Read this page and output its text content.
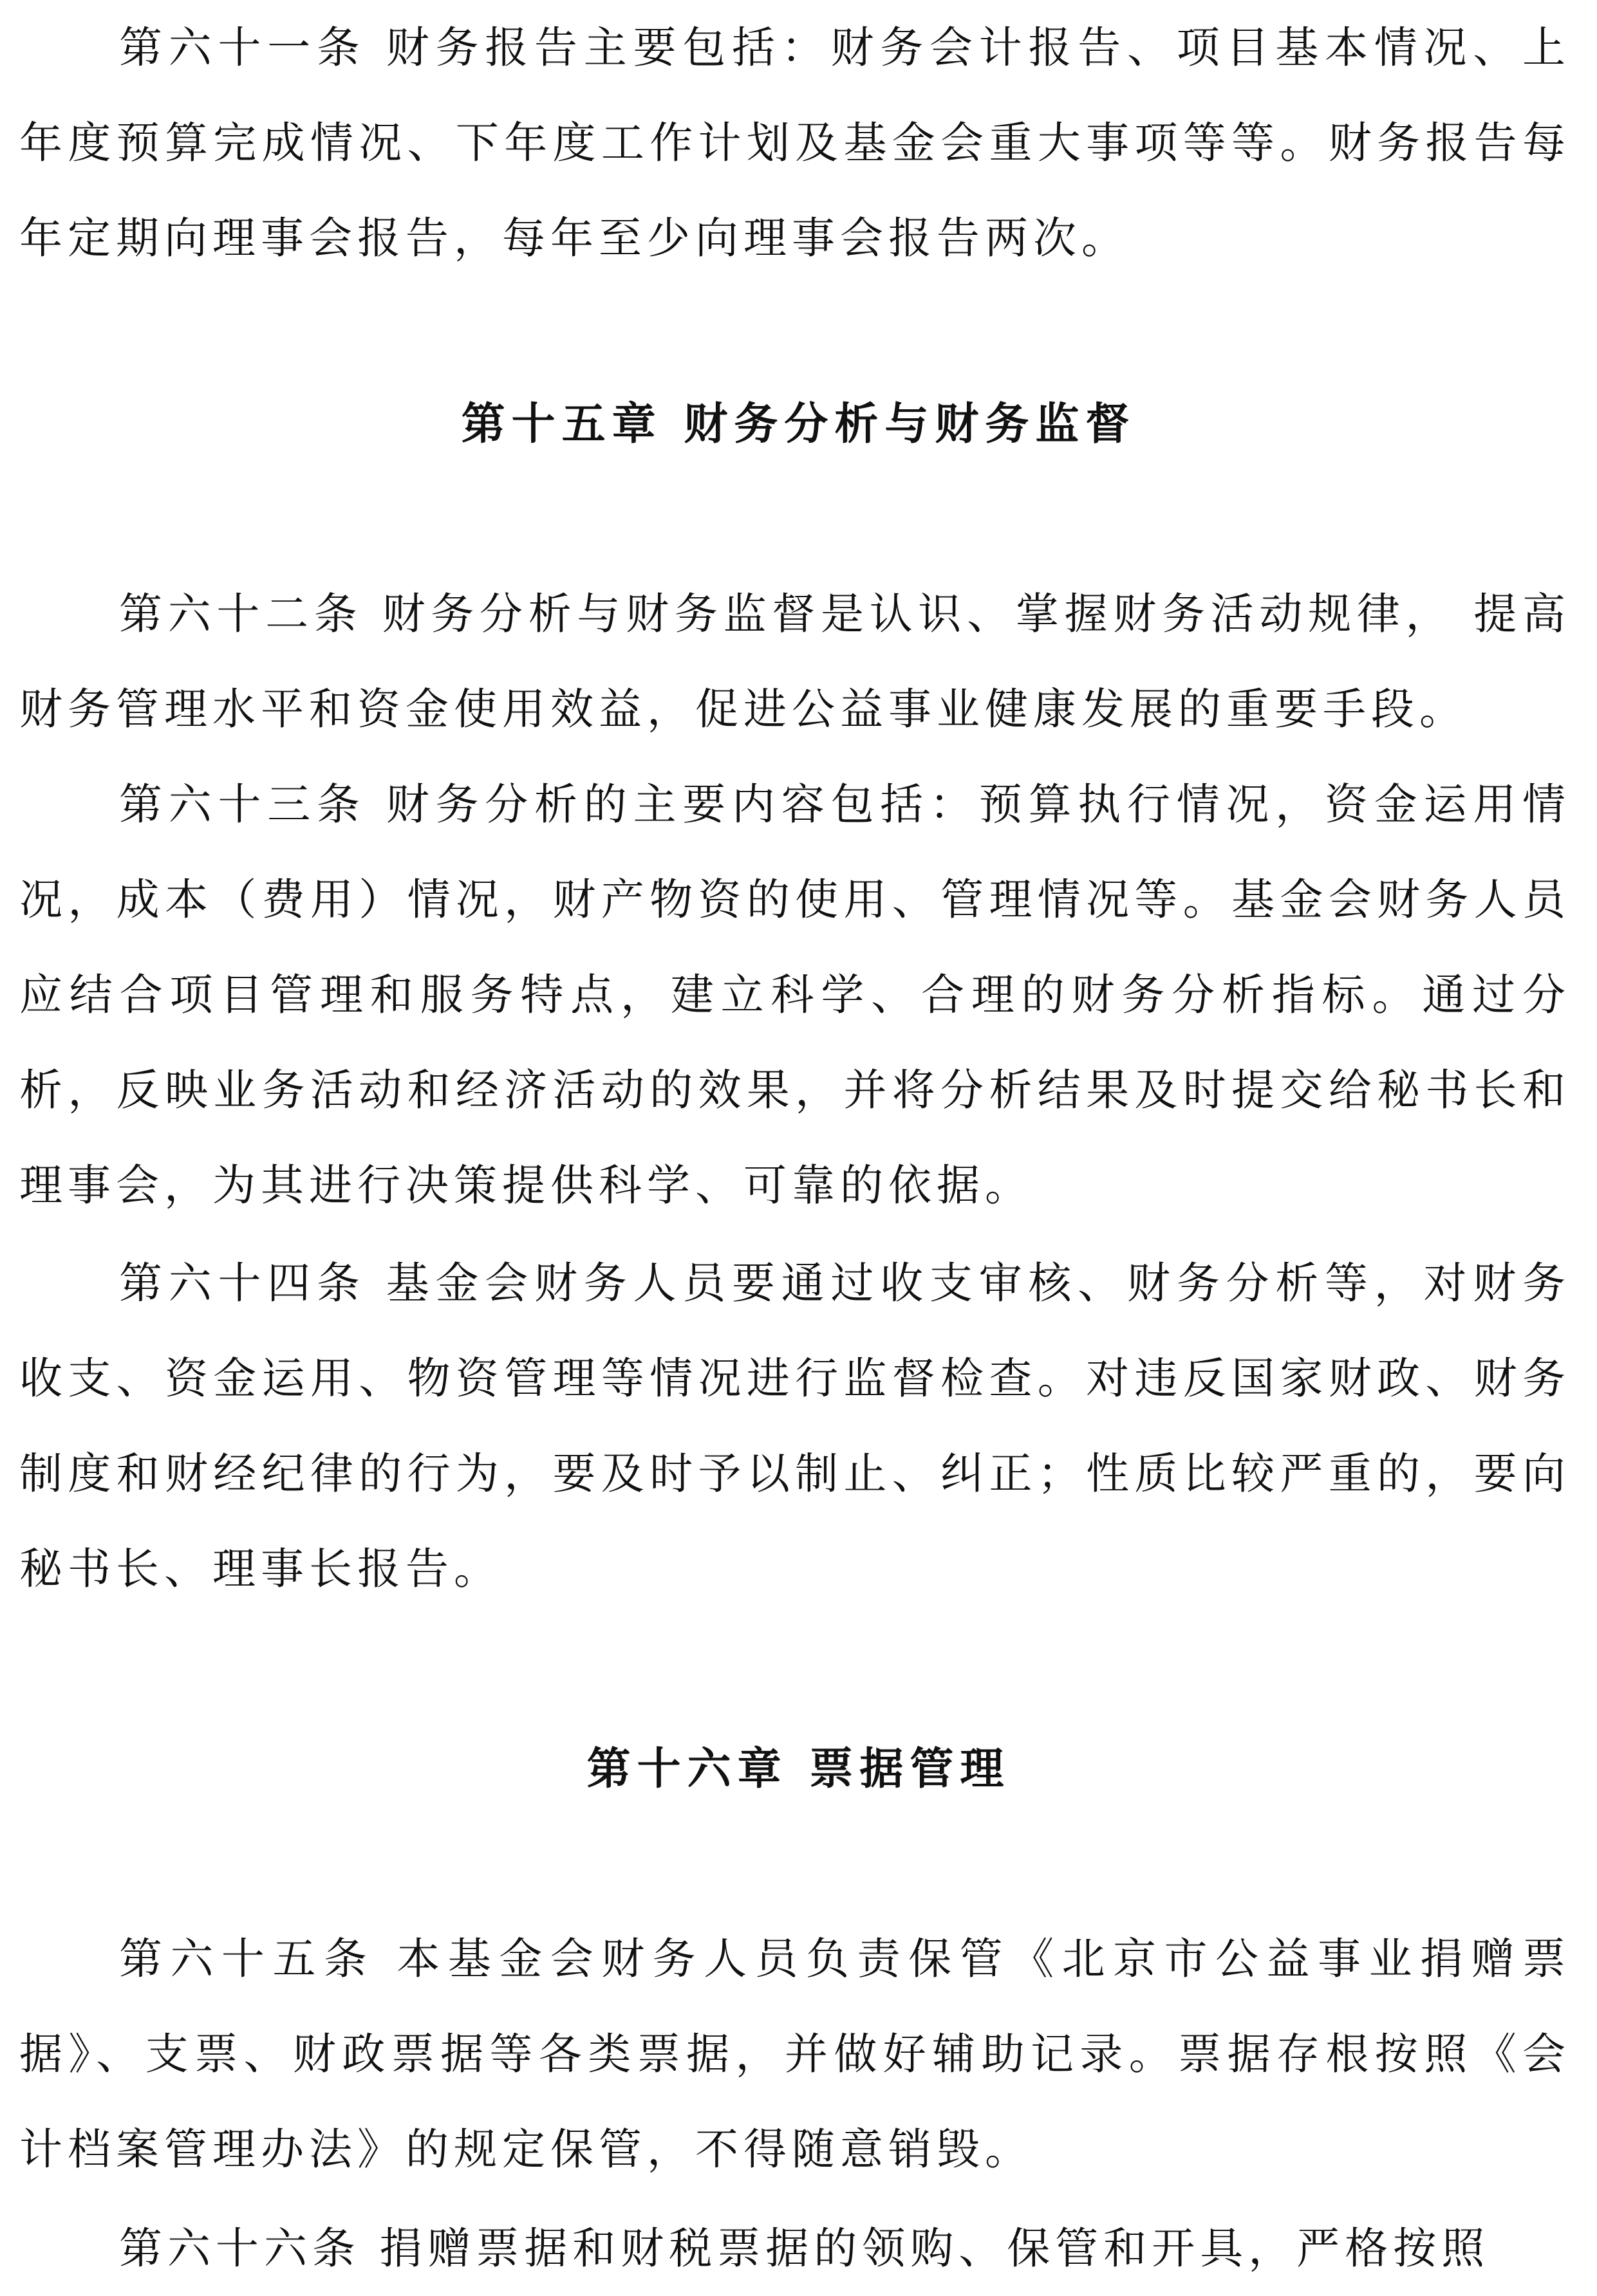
第六十一条 财务报告主要包括：财务会计报告、项目基本情况、上年度预算完成情况、下年度工作计划及基金会重大事项等等。财务报告每年定期向理事会报告，每年至少向理事会报告两次。

第十五章 财务分析与财务监督

第六十二条 财务分析与财务监督是认识、掌握财务活动规律， 提高财务管理水平和资金使用效益，促进公益事业健康发展的重要手段。

第六十三条 财务分析的主要内容包括：预算执行情况，资金运用情况，成本（费用）情况，财产物资的使用、管理情况等。基金会财务人员应结合项目管理和服务特点，建立科学、合理的财务分析指标。通过分析，反映业务活动和经济活动的效果，并将分析结果及时提交给秘书长和理事会，为其进行决策提供科学、可靠的依据。

第六十四条 基金会财务人员要通过收支审核、财务分析等，对财务收支、资金运用、物资管理等情况进行监督检查。对违反国家财政、财务制度和财经纪律的行为，要及时予以制止、纠正；性质比较严重的，要向秘书长、理事长报告。

第十六章 票据管理

第六十五条 本基金会财务人员负责保管《北京市公益事业捐赠票据》、支票、财政票据等各类票据，并做好辅助记录。票据存根按照《会计档案管理办法》的规定保管，不得随意销毁。

第六十六条 捐赠票据和财税票据的领购、保管和开具，严格按照
